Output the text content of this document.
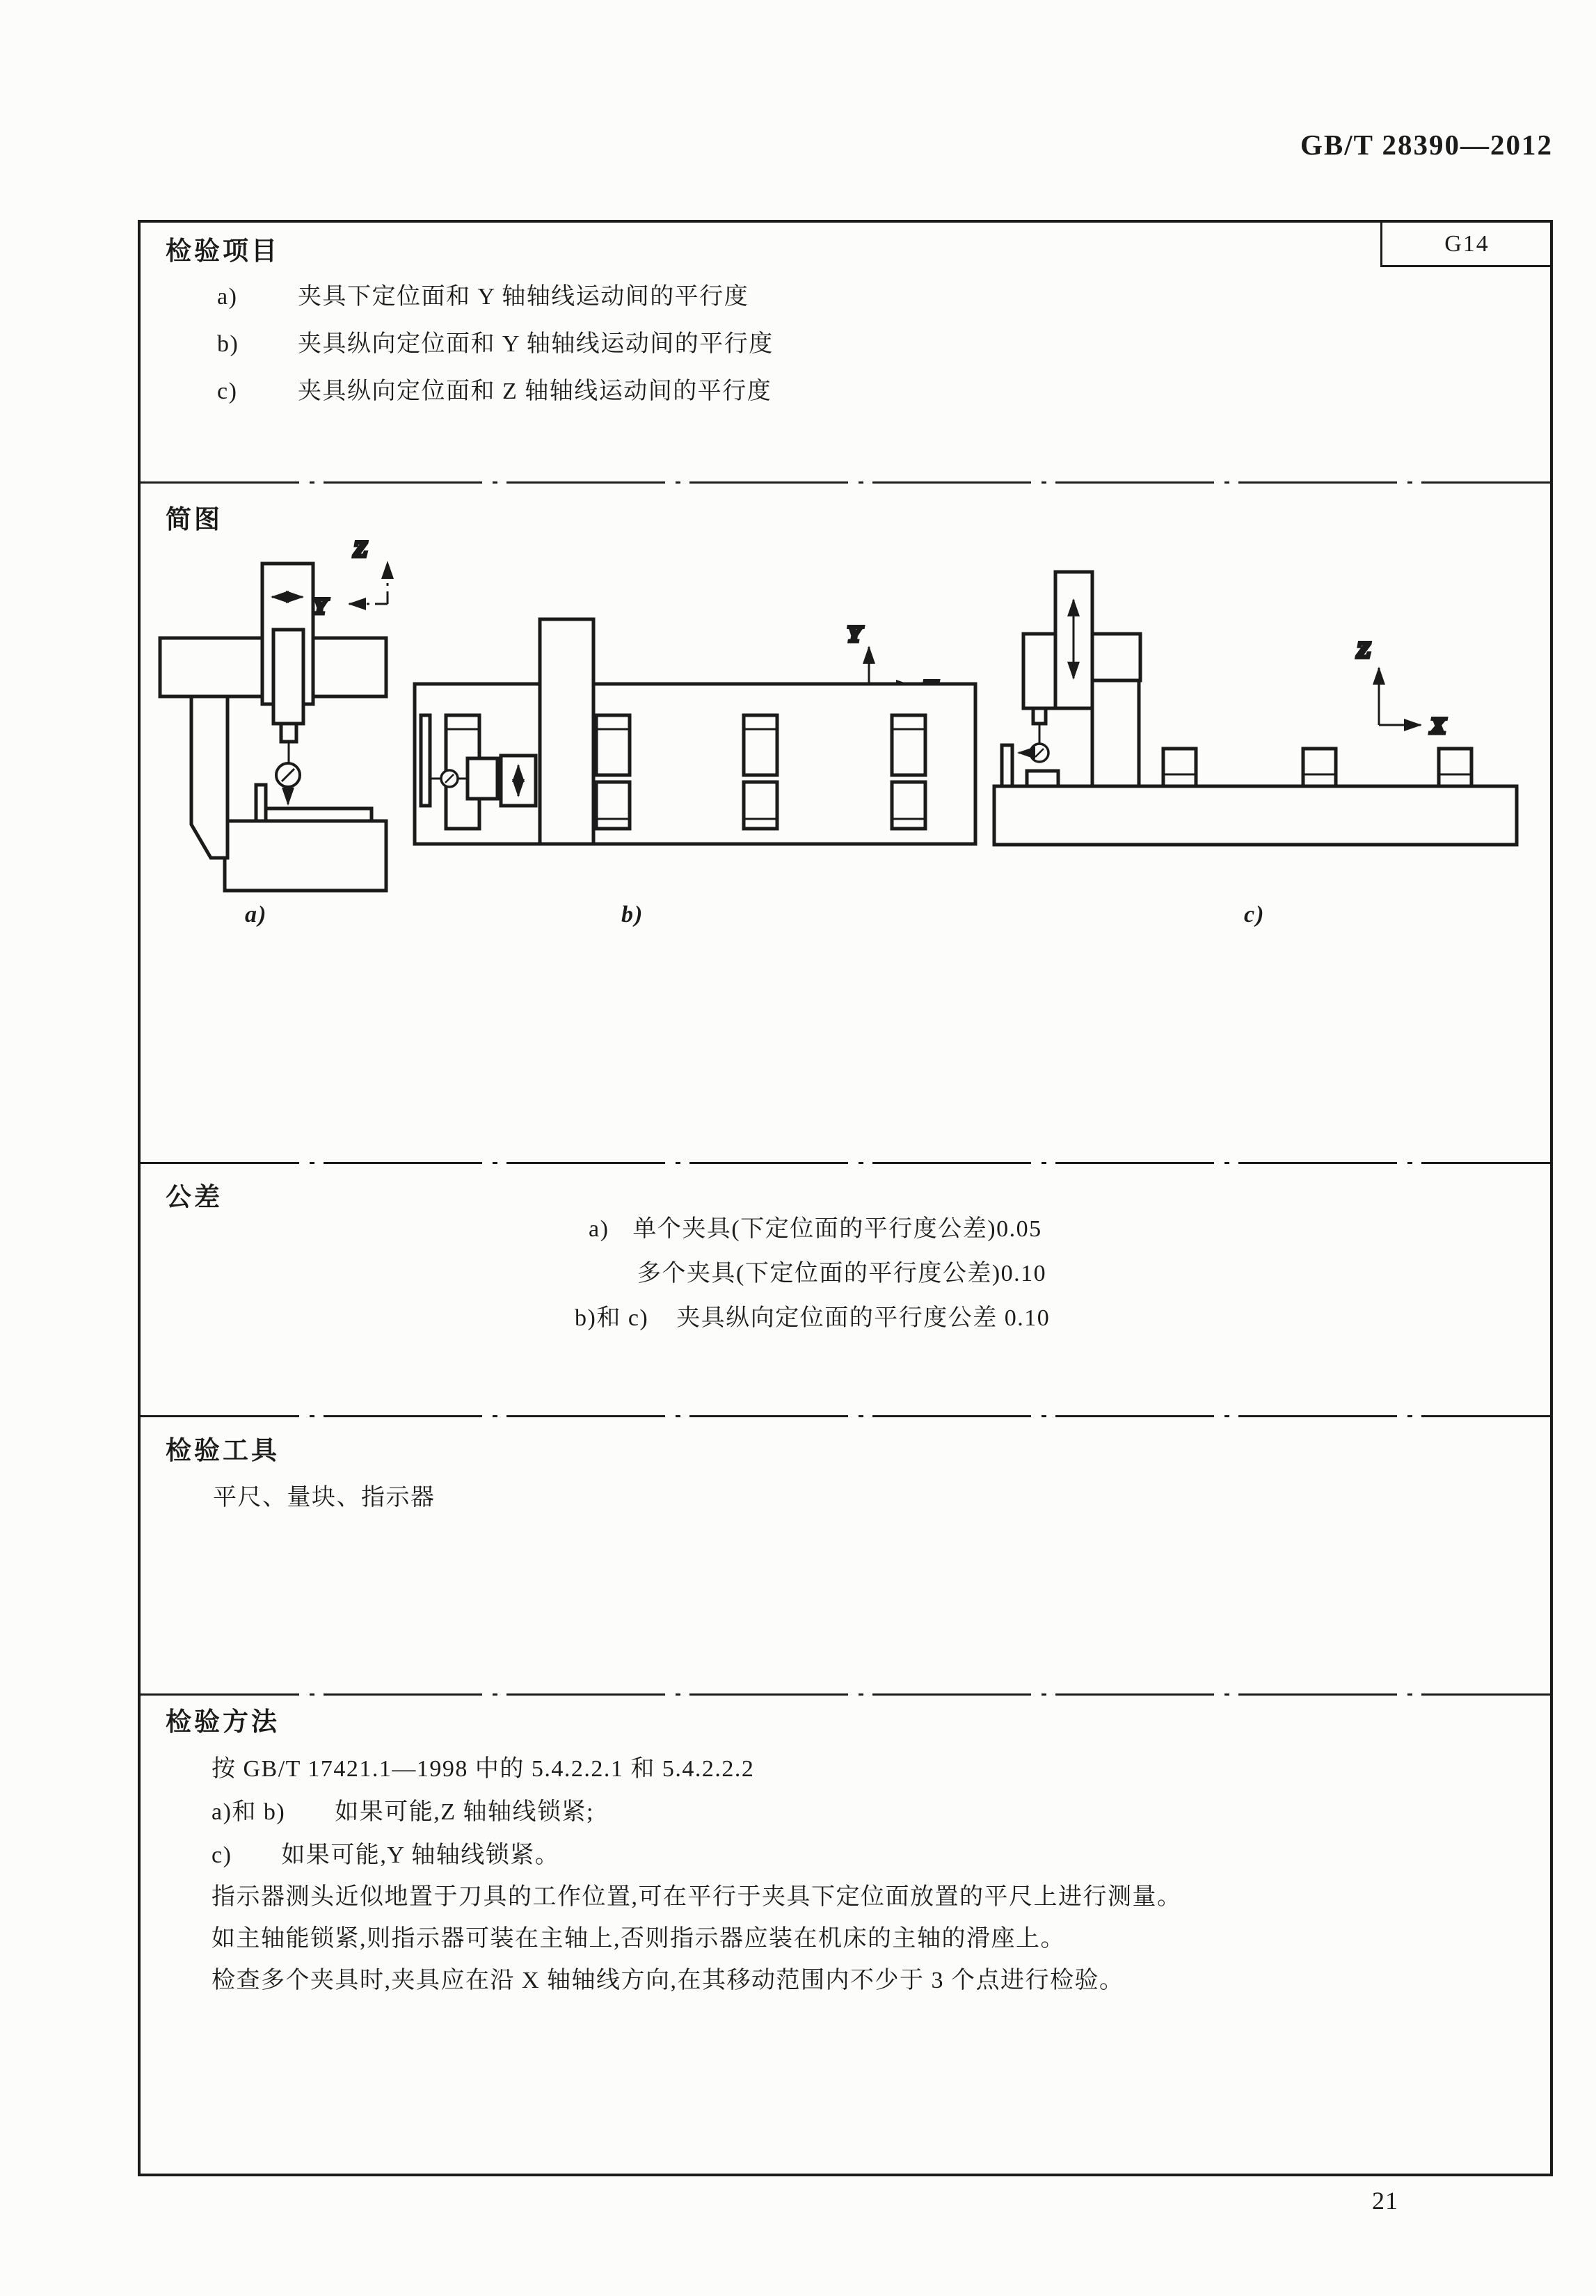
GB/T 28390—2012
G14
检验项目
a)	夹具下定位面和 Y 轴轴线运动间的平行度
b) 夹具纵向定位面和 Y 轴轴线运动间的平行度
c)	夹具纵向定位面和 Z 轴轴线运动间的平行度
简图
Z
Y
Y
Z
X
a)	b)	c)
公差
a) 单个夹具(下定位面的平行度公差)0.05
多个夹具(下定位面的平行度公差)0.10
b)和 c) 夹具纵向定位面的平行度公差 0.10
检验工具
平尺、量块、指示器
检验方法
按 GB/T 17421.1—1998 中的 5.4.2.2.1 和 5.4.2.2.2
a)和 b)　　如果可能,Z 轴轴线锁紧;
c)　　如果可能,Y 轴轴线锁紧。
指示器测头近似地置于刀具的工作位置,可在平行于夹具下定位面放置的平尺上进行测量。
如主轴能锁紧,则指示器可装在主轴上,否则指示器应装在机床的主轴的滑座上。
检查多个夹具时,夹具应在沿 X 轴轴线方向,在其移动范围内不少于 3 个点进行检验。
21
